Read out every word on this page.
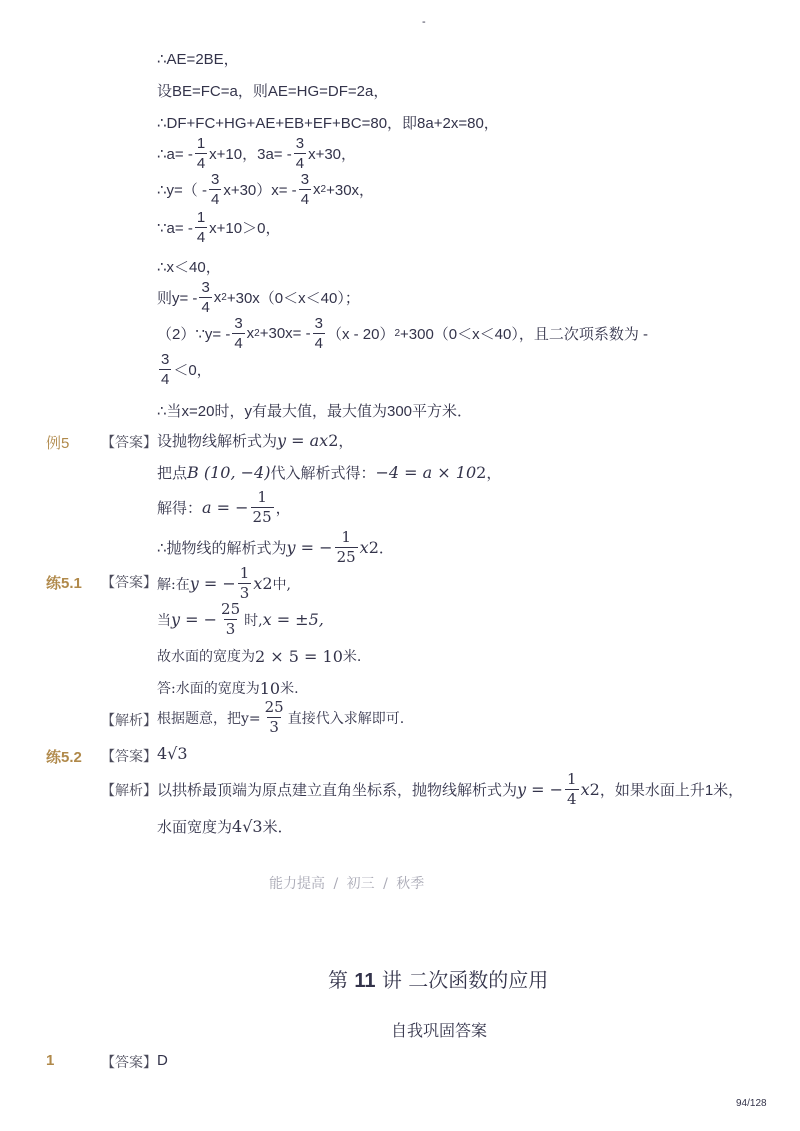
-
∴AE=2BE，
设BE=FC=a，则AE=HG=DF=2a，
∴DF+FC+HG+AE+EB+EF+BC=80，即8a+2x=80，
∴a= - $\frac{1}{4} x+10$，$3a= - \frac{3}{4} x+30$，
∴y=（ - $\frac{3}{4} x+30)x= - \frac{3}{4}$ x 2 +30x，
∵a= - $\frac{1}{4} x+10>0$，
∴x＜40，
则$y= - \frac{3}{4}$ x 2 +30x（0＜x＜40）；
（2）∵y= - $\frac{3}{4}$ x $2 +30x= - \frac{3}{4} (x - 20)$ 2 +300（0＜x＜40），且二次项系数为 -
$\frac{3}{4} <0$，
∴当x=20时，y有最大值，最大值为300平方米．
例5 【答案】 设抛物线解析式为 y = ax 2 ，
把点 B (10, −4) 代入解析式得： −4 = a × 10 2 ，
解得： a = − $\frac{1}{25}$ ，
∴抛物线的解析式为 y = − $\frac{1}{25}$ x 2 ．
练5.1 【答案】 解:在 y = − $\frac{1}{3}$ x 2 中,
当 y = − $\frac{25}{3}$ 时, x = ±5,
故水面的宽度为 2 × 5 = 10 米.
答:水面的宽度为 10 米.
【解析】 根据题意，把$y= \frac{25}{3}$ 直接代入求解即可.
练5.2 【答案】 4√3
【解析】 以拱桥最顶端为原点建立直角坐标系，抛物线解析式为 y = − $\frac{1}{4}$ x 2 ，如果水面上升1米，
水面宽度为 4√3 米．
能力提高 / 初三 / 秋季
第 11 讲 二次函数的应用
自我巩固答案
1	【答案】 D
94/128
